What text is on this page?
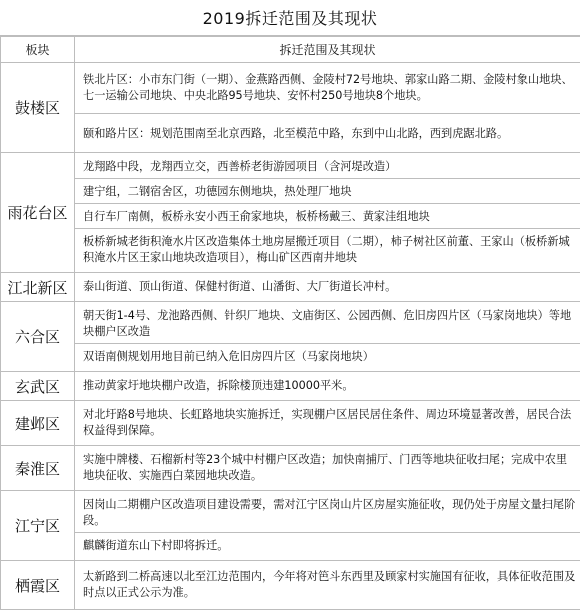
2019拆迁范围及其现状
板块	拆迁范围及其现状
鼓楼区	铁北片区：小市东门街（一期）、金燕路西侧、金陵村72号地块、郭家山路二期、金陵村象山地块、七一运输公司地块、中央北路95号地块、安怀村250号地块8个地块。
颐和路片区：规划范围南至北京西路，北至模范中路，东到中山北路，西到虎踞北路。

雨花台区	龙翔路中段，龙翔西立交，西善桥老街游园项目（含河堤改造）
建宁组，二钢宿舍区，功德园东侧地块，热处理厂地块
自行车厂南侧，板桥永安小西王俞家地块，板桥杨戴三、黄家洼组地块
板桥新城老街积淹水片区改造集体土地房屋搬迁项目（二期），柿子树社区前董、王家山（板桥新城积淹水片区王家山地块改造项目），梅山矿区西南井地块

江北新区	泰山街道、顶山街道、保健村街道、山潘街、大厂街道长冲村。

六合区	朝天街1-4号、龙池路西侧、针织厂地块、文庙街区、公园西侧、危旧房四片区（马家岗地块）等地块棚户区改造
双语南侧规划用地目前已纳入危旧房四片区（马家岗地块）

玄武区	推动黄家圩地块棚户改造，拆除楼顶违建10000平米。

建邺区	对北圩路8号地块、长虹路地块实施拆迁，实现棚户区居民居住条件、周边环境显著改善，居民合法权益得到保障。

秦淮区	实施中牌楼、石榴新村等23个城中村棚户区改造；加快南捕厅、门西等地块征收扫尾；完成中农里地块征收、实施西白菜园地块改造。

江宁区	因岗山二期棚户区改造项目建设需要，需对江宁区岗山片区房屋实施征收，现仍处于房屋文量扫尾阶段。
麒麟街道东山下村即将拆迁。

栖霞区	太新路到二桥高速以北至江边范围内，今年将对笆斗东西里及顾家村实施国有征收，具体征收范围及时点以正式公示为准。
